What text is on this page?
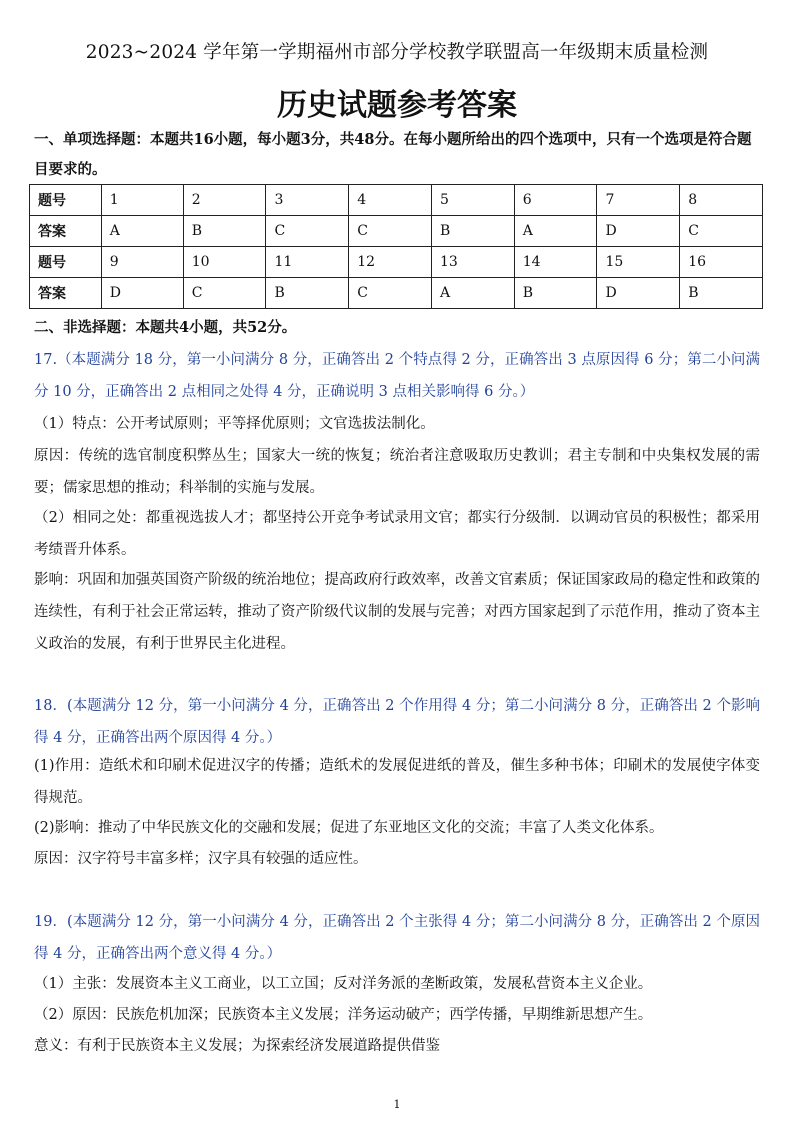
2023~2024 学年第一学期福州市部分学校教学联盟高一年级期末质量检测
历史试题参考答案
一、单项选择题：本题共16小题，每小题3分，共48分。在每小题所给出的四个选项中，只有一个选项是符合题目要求的。
题号	1	2	3	4	5	6	7	8
答案	A	B	C	C	B	A	D	C
题号	9	10	11	12	13	14	15	16
答案	D	C	B	C	A	B	D	B
二、非选择题：本题共4小题，共52分。
17.（本题满分 18 分，第一小问满分 8 分，正确答出 2 个特点得 2 分，正确答出 3 点原因得 6 分；第二小问满分 10 分，正确答出 2 点相同之处得 4 分，正确说明 3 点相关影响得 6 分。）
（1）特点：公开考试原则；平等择优原则；文官选拔法制化。
原因：传统的选官制度积弊丛生；国家大一统的恢复；统治者注意吸取历史教训；君主专制和中央集权发展的需要；儒家思想的推动；科举制的实施与发展。
（2）相同之处：都重视选拔人才；都坚持公开竞争考试录用文官；都实行分级制．以调动官员的积极性；都采用考绩晋升体系。
影响：巩固和加强英国资产阶级的统治地位；提高政府行政效率，改善文官素质；保证国家政局的稳定性和政策的连续性，有利于社会正常运转，推动了资产阶级代议制的发展与完善；对西方国家起到了示范作用，推动了资本主义政治的发展，有利于世界民主化进程。
18．(本题满分 12 分，第一小问满分 4 分，正确答出 2 个作用得 4 分；第二小问满分 8 分，正确答出 2 个影响得 4 分，正确答出两个原因得 4 分。）
(1)作用：造纸术和印刷术促进汉字的传播；造纸术的发展促进纸的普及，催生多种书体；印刷术的发展使字体变得规范。
(2)影响：推动了中华民族文化的交融和发展；促进了东亚地区文化的交流；丰富了人类文化体系。
原因：汉字符号丰富多样；汉字具有较强的适应性。
19．(本题满分 12 分，第一小问满分 4 分，正确答出 2 个主张得 4 分；第二小问满分 8 分，正确答出 2 个原因得 4 分，正确答出两个意义得 4 分。）
（1）主张：发展资本主义工商业，以工立国；反对洋务派的垄断政策，发展私营资本主义企业。
（2）原因：民族危机加深；民族资本主义发展；洋务运动破产；西学传播，早期维新思想产生。
意义：有利于民族资本主义发展；为探索经济发展道路提供借鉴
1
